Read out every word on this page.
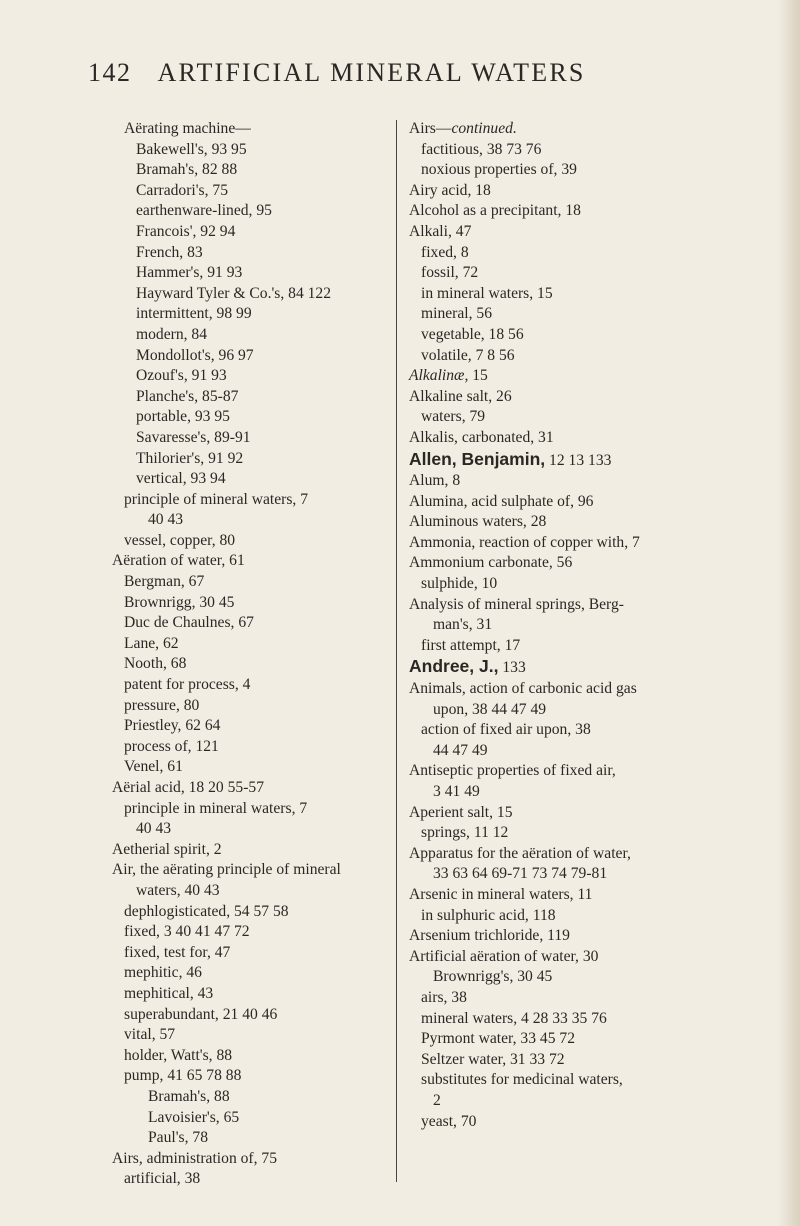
142 ARTIFICIAL MINERAL WATERS

Aërating machine—

Bakewell's, 93 95

Bramah's, 82 88

Carradori's, 75

earthenware-lined, 95

Francois', 92 94

French, 83

Hammer's, 91 93

Hayward Tyler & Co.'s, 84 122

intermittent, 98 99

modern, 84

Mondollot's, 96 97

Ozouf's, 91 93

Planche's, 85-87

portable, 93 95

Savaresse's, 89-91

Thilorier's, 91 92

vertical, 93 94

principle of mineral waters, 7

40 43

vessel, copper, 80

Aëration of water, 61

Bergman, 67

Brownrigg, 30 45

Duc de Chaulnes, 67

Lane, 62

Nooth, 68

patent for process, 4

pressure, 80

Priestley, 62 64

process of, 121

Venel, 61

Aërial acid, 18 20 55-57

principle in mineral waters, 7

40 43

Aetherial spirit, 2

Air, the aërating principle of mineral

waters, 40 43

dephlogisticated, 54 57 58

fixed, 3 40 41 47 72

fixed, test for, 47

mephitic, 46

mephitical, 43

superabundant, 21 40 46

vital, 57

holder, Watt's, 88

pump, 41 65 78 88

Bramah's, 88

Lavoisier's, 65

Paul's, 78

Airs, administration of, 75

artificial, 38

Airs—continued.

factitious, 38 73 76

noxious properties of, 39

Airy acid, 18

Alcohol as a precipitant, 18

Alkali, 47

fixed, 8

fossil, 72

in mineral waters, 15

mineral, 56

vegetable, 18 56

volatile, 7 8 56

Alkalinæ, 15

Alkaline salt, 26

waters, 79

Alkalis, carbonated, 31

Allen, Benjamin, 12 13 133

Alum, 8

Alumina, acid sulphate of, 96

Aluminous waters, 28

Ammonia, reaction of copper with, 7

Ammonium carbonate, 56

sulphide, 10

Analysis of mineral springs, Berg-

man's, 31

first attempt, 17

Andree, J., 133

Animals, action of carbonic acid gas

upon, 38 44 47 49

action of fixed air upon, 38

44 47 49

Antiseptic properties of fixed air,

3 41 49

Aperient salt, 15

springs, 11 12

Apparatus for the aëration of water,

33 63 64 69-71 73 74 79-81

Arsenic in mineral waters, 11

in sulphuric acid, 118

Arsenium trichloride, 119

Artificial aëration of water, 30

Brownrigg's, 30 45

airs, 38

mineral waters, 4 28 33 35 76

Pyrmont water, 33 45 72

Seltzer water, 31 33 72

substitutes for medicinal waters,

2

yeast, 70
